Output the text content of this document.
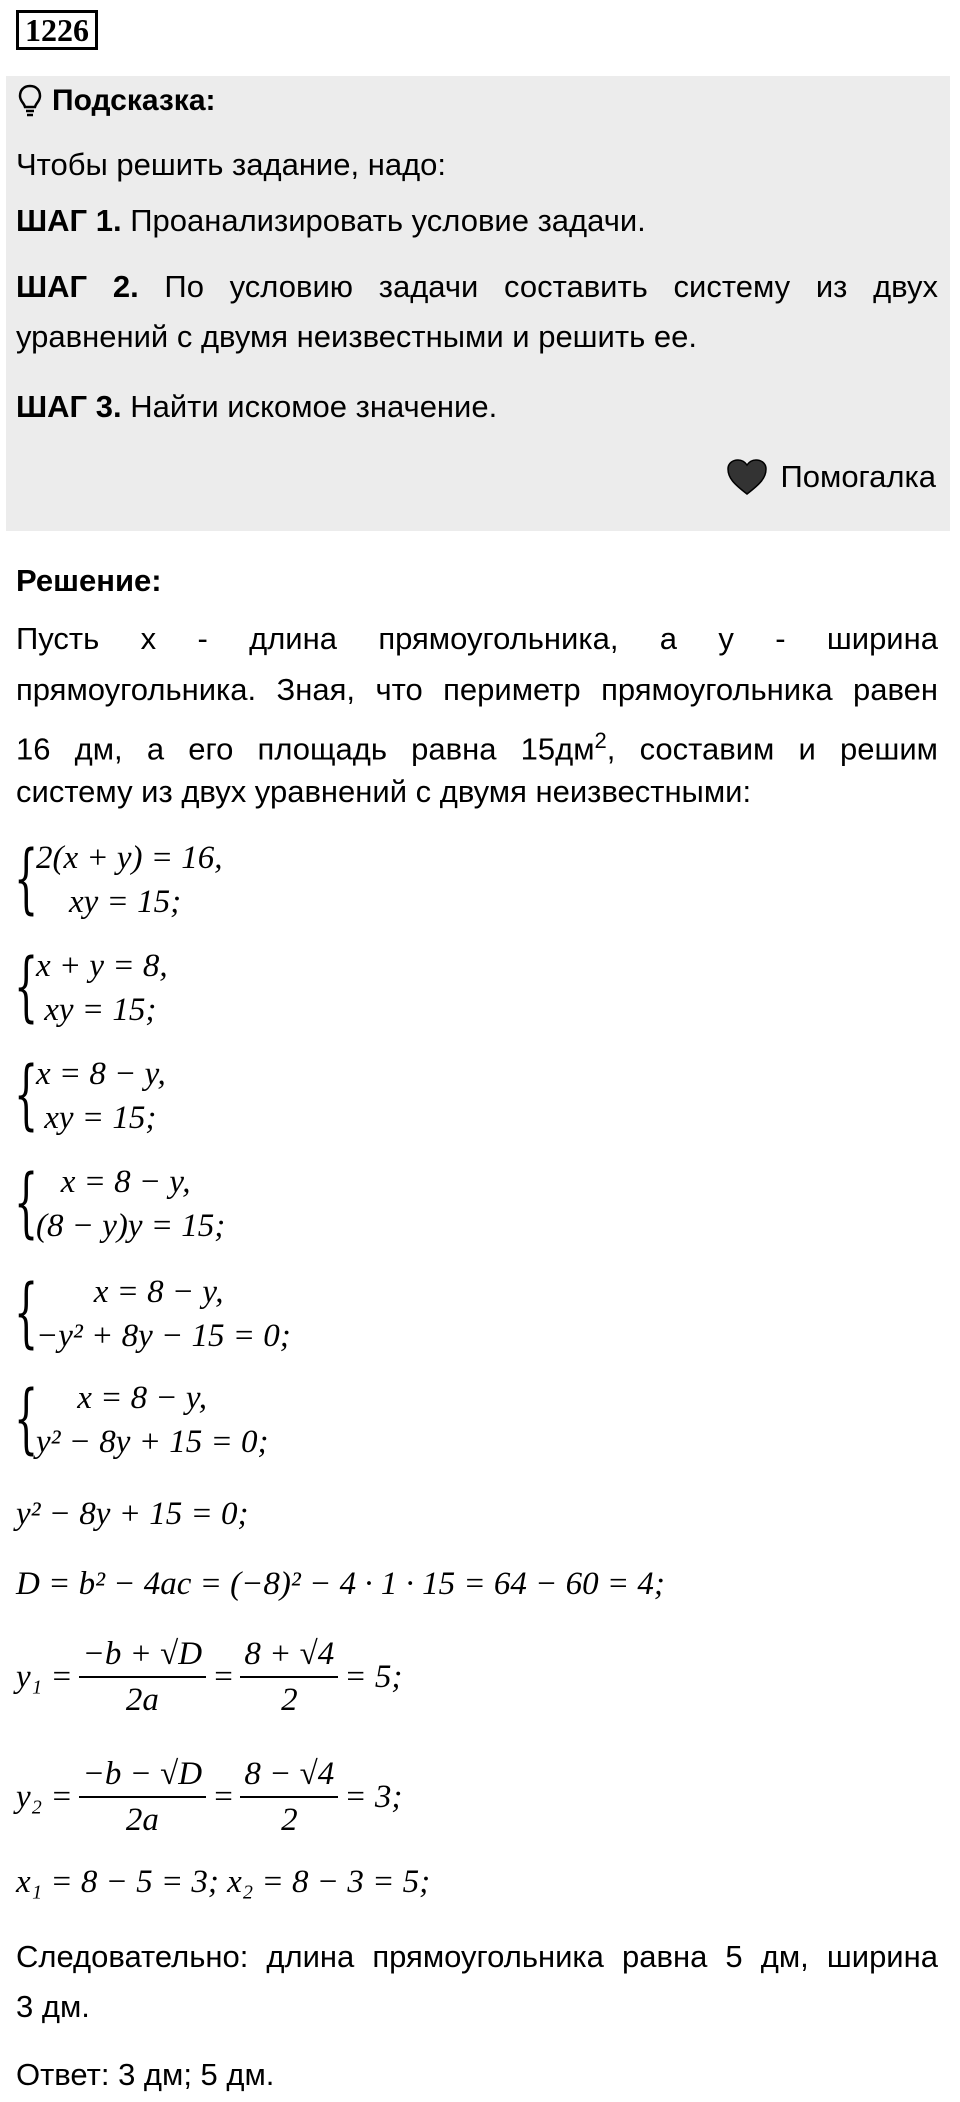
1226
Подсказка:
Чтобы решить задание, надо:
ШАГ 1. Проанализировать условие задачи.
ШАГ 2. По условию задачи составить систему из двух
уравнений с двумя неизвестными и решить ее.
ШАГ 3. Найти искомое значение.
Помогалка
Решение:
Пусть x - длина прямоугольника, а y - ширина
прямоугольника. Зная, что периметр прямоугольника равен
16 дм, а его площадь равна $15дм^2$, составим и решим
систему из двух уравнений с двумя неизвестными:
{
2(x + y) = 16,
xy = 15;
{
x + y = 8,
xy = 15;
{
x = 8 − y,
xy = 15;
{
x = 8 − y,
(8 − y)y = 15;
{
x = 8 − y,
−y² + 8y − 15 = 0;
{
x = 8 − y,
y² − 8y + 15 = 0;
y² − 8y + 15 = 0;
D = b² − 4ac = (−8)² − 4 · 1 · 15 = 64 − 60 = 4;
$y_1 = \frac{-b + √D}{2a} = \frac{8 + √4}{2} = 5$;
$y_2 = \frac{-b - √D}{2a} = \frac{8 - √4}{2} = 3$;
x₁ = 8 − 5 = 3; x₂ = 8 − 3 = 5;
Следовательно: длина прямоугольника равна 5 дм, ширина
3 дм.
Ответ: 3 дм; 5 дм.
